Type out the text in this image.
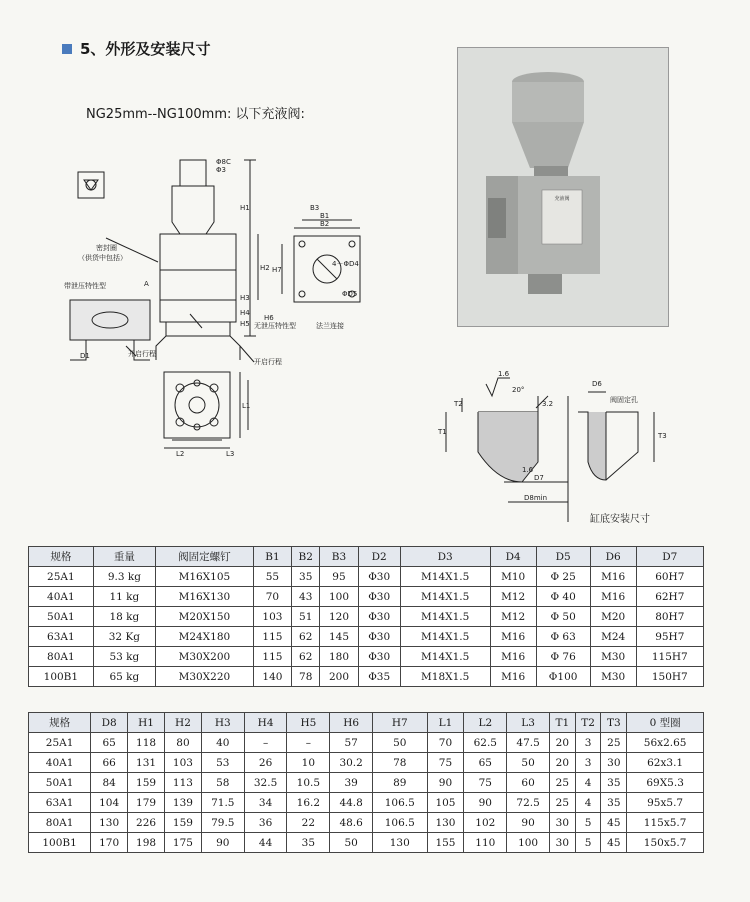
5、外形及安装尺寸
NG25mm--NG100mm: 以下充液阀:
Φ8C
Φ3
H1
H2
H3
H4
H5
H6
H7
B1
B2
B3
L1
L2	L3
A
密封圈
（供货中包括）
带泄压特性型
无泄压特性型	法兰连接
开启行程
开启行程
4－ΦD4
ΦD5
D1
充液阀
1.6
3.2
1.6
20°
D6
阀固定孔
D7
D8min
T1
T2
T3
缸底安装尺寸
规格	重量	阀固定螺钉	B1	B2	B3	D2	D3	D4	D5	D6	D7
25A1	9.3 kg	M16X105	55	35	95	Φ30	M14X1.5	M10	Φ 25	M16	60H7
40A1	11 kg	M16X130	70	43	100	Φ30	M14X1.5	M12	Φ 40	M16	62H7
50A1	18 kg	M20X150	103	51	120	Φ30	M14X1.5	M12	Φ 50	M20	80H7
63A1	32 Kg	M24X180	115	62	145	Φ30	M14X1.5	M16	Φ 63	M24	95H7
80A1	53 kg	M30X200	115	62	180	Φ30	M14X1.5	M16	Φ 76	M30	115H7
100B1	65 kg	M30X220	140	78	200	Φ35	M18X1.5	M16	Φ100	M30	150H7
规格	D8	H1	H2	H3	H4	H5	H6	H7	L1	L2	L3	T1	T2	T3	0 型圈
25A1	65	118	80	40	–	–	57	50	70	62.5	47.5	20	3	25	56x2.65
40A1	66	131	103	53	26	10	30.2	78	75	65	50	20	3	30	62x3.1
50A1	84	159	113	58	32.5	10.5	39	89	90	75	60	25	4	35	69X5.3
63A1	104	179	139	71.5	34	16.2	44.8	106.5	105	90	72.5	25	4	35	95x5.7
80A1	130	226	159	79.5	36	22	48.6	106.5	130	102	90	30	5	45	115x5.7
100B1	170	198	175	90	44	35	50	130	155	110	100	30	5	45	150x5.7
